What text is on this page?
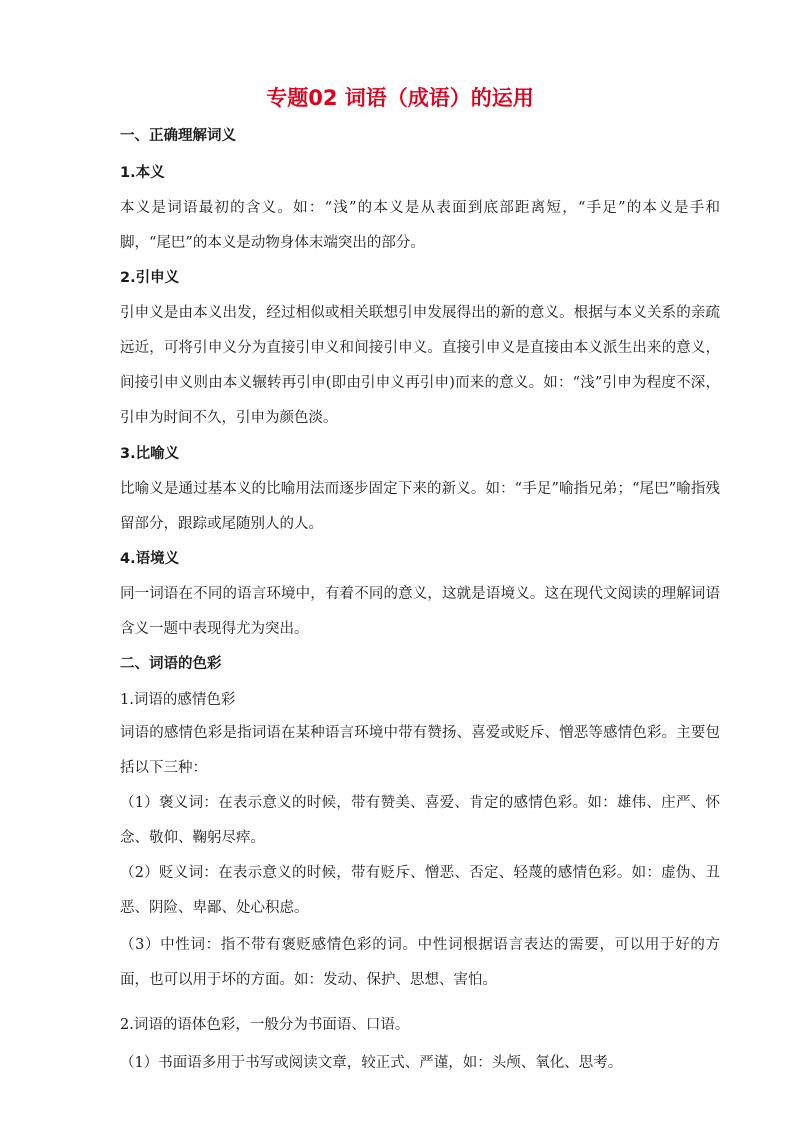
专题02 词语（成语）的运用

一、正确理解词义

1.本义

本义是词语最初的含义。如：“浅”的本义是从表面到底部距离短，“手足”的本义是手和脚，“尾巴”的本义是动物身体末端突出的部分。

2.引申义

引申义是由本义出发，经过相似或相关联想引申发展得出的新的意义。根据与本义关系的亲疏远近，可将引申义分为直接引申义和间接引申义。直接引申义是直接由本义派生出来的意义，间接引申义则由本义辗转再引申(即由引申义再引申)而来的意义。如：“浅”引申为程度不深，引申为时间不久，引申为颜色淡。

3.比喻义

比喻义是通过基本义的比喻用法而逐步固定下来的新义。如：“手足”喻指兄弟；“尾巴”喻指残留部分，跟踪或尾随别人的人。

4.语境义

同一词语在不同的语言环境中，有着不同的意义，这就是语境义。这在现代文阅读的理解词语含义一题中表现得尤为突出。

二、词语的色彩

1.词语的感情色彩

词语的感情色彩是指词语在某种语言环境中带有赞扬、喜爱或贬斥、憎恶等感情色彩。主要包括以下三种：

（1）褒义词：在表示意义的时候，带有赞美、喜爱、肯定的感情色彩。如：雄伟、庄严、怀念、敬仰、鞠躬尽瘁。

（2）贬义词：在表示意义的时候，带有贬斥、憎恶、否定、轻蔑的感情色彩。如：虚伪、丑恶、阴险、卑鄙、处心积虑。

（3）中性词：指不带有褒贬感情色彩的词。中性词根据语言表达的需要，可以用于好的方面，也可以用于坏的方面。如：发动、保护、思想、害怕。

2.词语的语体色彩，一般分为书面语、口语。

（1）书面语多用于书写或阅读文章，较正式、严谨，如：头颅、氧化、思考。
